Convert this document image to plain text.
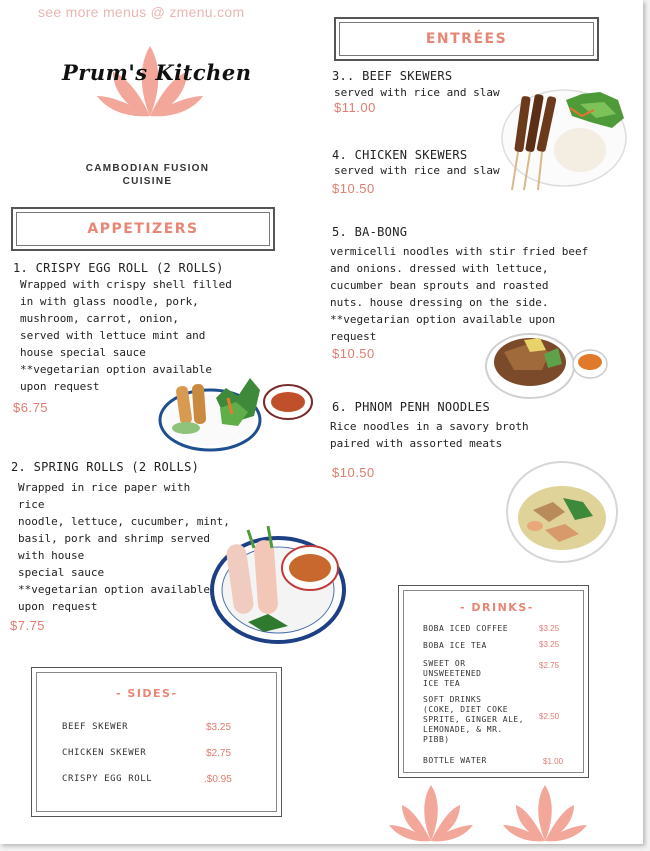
see more menus @ zmenu.com
Prum's Kitchen
CAMBODIAN FUSION
CUISINE
APPETIZERS
1. CRISPY EGG ROLL (2 ROLLS)
Wrapped with crispy shell filled
in with glass noodle, pork,
mushroom, carrot, onion,
served with lettuce mint and
house special sauce
**vegetarian option available
upon request
$6.75
2. SPRING ROLLS (2 ROLLS)
Wrapped in rice paper with
rice
noodle, lettuce, cucumber, mint,
basil, pork and shrimp served
with house
special sauce
**vegetarian option available
upon request
$7.75
- SIDES-
BEEF SKEWER	$3.25
CHICKEN SKEWER	$2.75
CRISPY EGG ROLL	.$0.95
ENTRÉES
3.. BEEF SKEWERS
served with rice and slaw
$11.00
4. CHICKEN SKEWERS
served with rice and slaw
$10.50
5. BA-BONG
vermicelli noodles with stir fried beef
and onions. dressed with lettuce,
cucumber bean sprouts and roasted
nuts. house dressing on the side.
**vegetarian option available upon
request
$10.50
6. PHNOM PENH NOODLES
Rice noodles in a savory broth
paired with assorted meats
$10.50
- DRINKS-
BOBA ICED COFFEE	$3.25
BOBA ICE TEA	$3.25
SWEET OR
UNSWEETENED
ICE TEA
$2.75
SOFT DRINKS
(COKE, DIET COKE
SPRITE, GINGER ALE,
LEMONADE, & MR.
PIBB)
$2.50
BOTTLE WATER	$1.00
